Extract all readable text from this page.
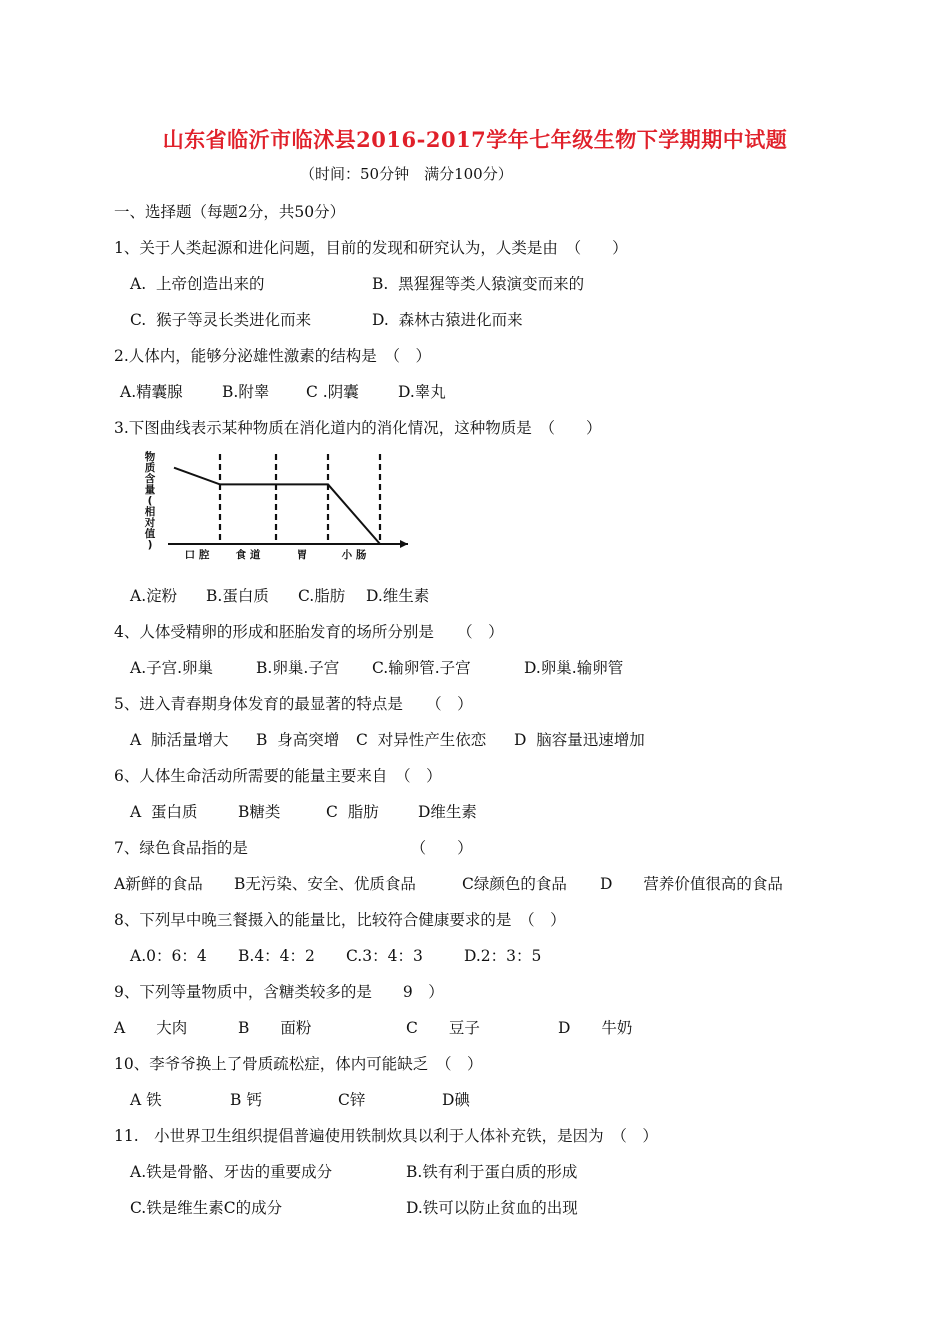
山东省临沂市临沭县2016-2017学年七年级生物下学期期中试题
（时间：50分钟　满分100分）
一、选择题（每题2分，共50分）
1、关于人类起源和进化问题，目前的发现和研究认为，人类是由　（　　）
A.  上帝创造出来的	B.  黑猩猩等类人猿演变而来的
C.  猴子等灵长类进化而来	D.  森林古猿进化而来
2.人体内，能够分泌雄性激素的结构是　（　）
A.精囊腺	B.附睾 C .阴囊	D.睾丸
3.下图曲线表示某种物质在消化道内的消化情况，这种物质是　（　　）
物质含量(相对值)
口 腔	食 道	胃	小 肠
A.淀粉 B.蛋白质 C.脂肪 D.维生素
4、人体受精卵的形成和胚胎发育的场所分别是　　（　）
A.子宫.卵巢	B.卵巢.子宫 C.输卵管.子宫	D.卵巢.输卵管
5、进入青春期身体发育的最显著的特点是　　（　）
A  肺活量增大 B  身高突增 C  对异性产生依恋 D  脑容量迅速增加
6、人体生命活动所需要的能量主要来自　（　）
A  蛋白质	B糖类	C  脂肪	D维生素
7、绿色食品指的是　　　　　　　　　　　（　　）
A新鲜的食品 B无污染、安全、优质食品	C绿颜色的食品 D　　营养价值很高的食品
8、下列早中晚三餐摄入的能量比，比较符合健康要求的是　（　）
A.0：6：4 B.4：4：2 C.3：4：3	D.2：3：5
9、下列等量物质中，含糖类较多的是　　9　）
A　　大肉	B　　面粉	C　　豆子	D　　牛奶
10、李爷爷换上了骨质疏松症，体内可能缺乏　（　）
A 铁	B 钙	C锌	D碘
11.　小世界卫生组织提倡普遍使用铁制炊具以利于人体补充铁，是因为　（　）
A.铁是骨骼、牙齿的重要成分	B.铁有利于蛋白质的形成
C.铁是维生素C的成分	D.铁可以防止贫血的出现
